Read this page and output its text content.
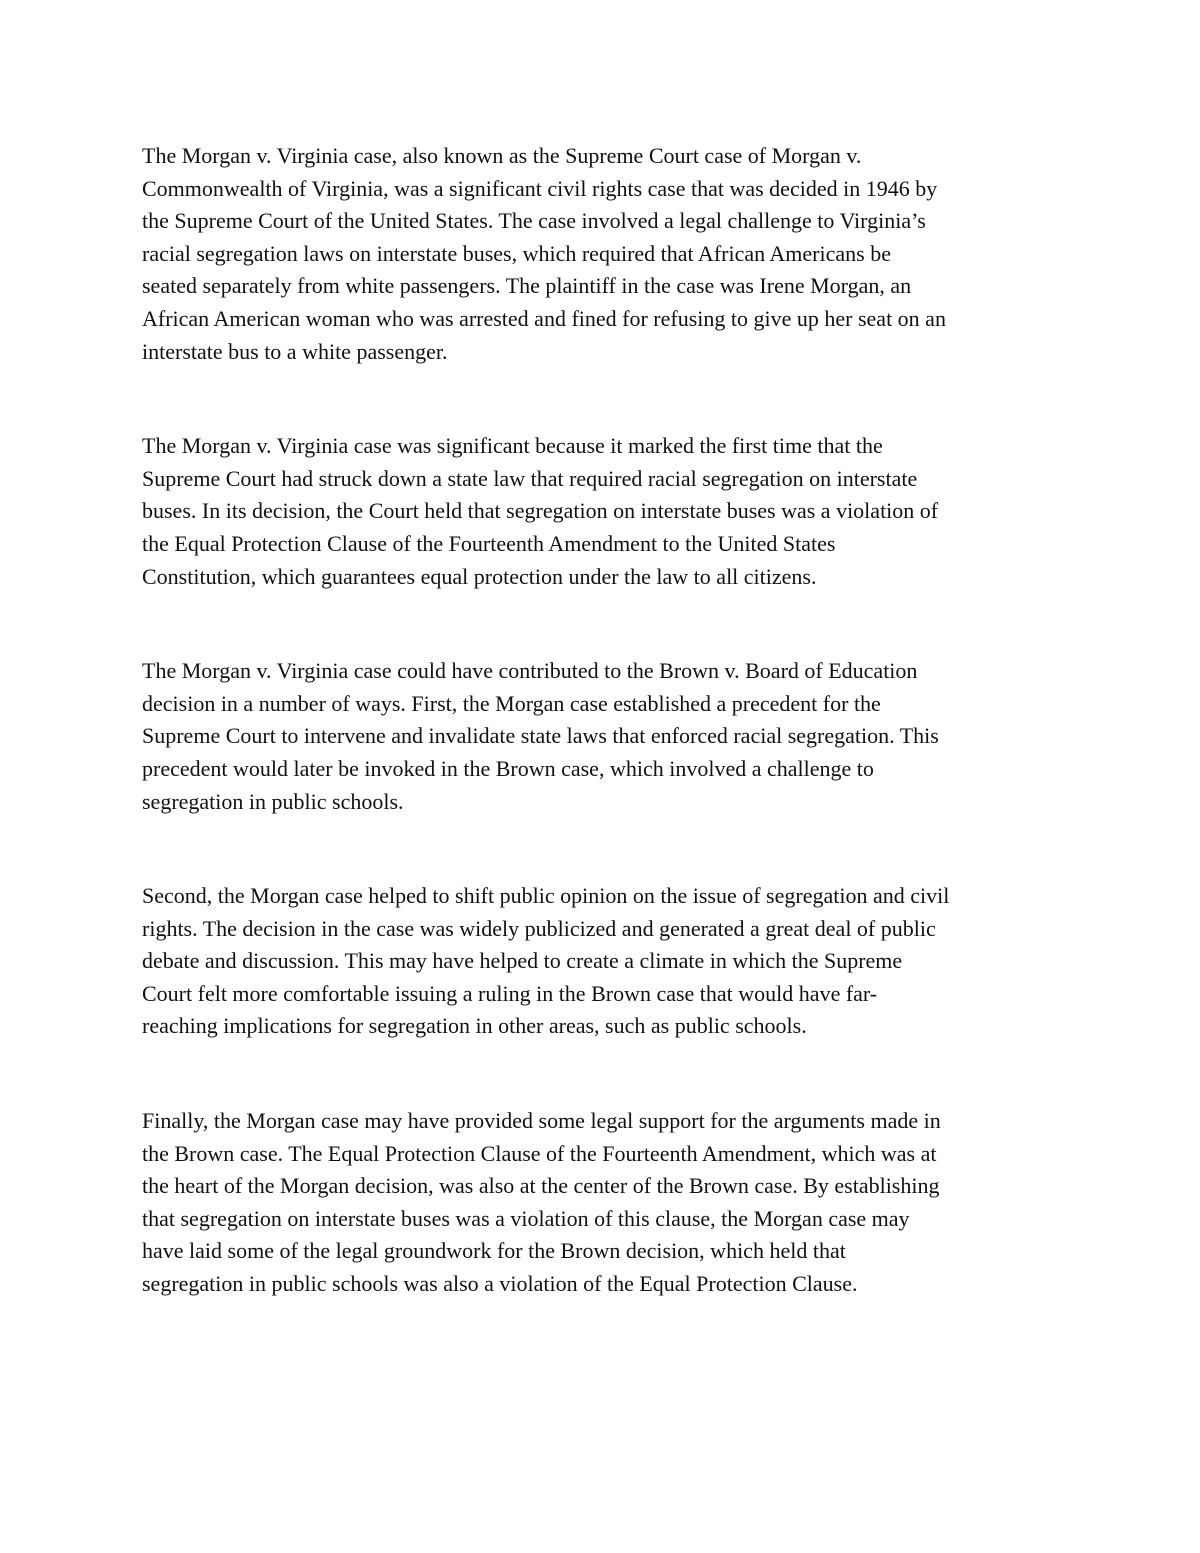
The Morgan v. Virginia case, also known as the Supreme Court case of Morgan v.
Commonwealth of Virginia, was a significant civil rights case that was decided in 1946 by
the Supreme Court of the United States. The case involved a legal challenge to Virginia’s
racial segregation laws on interstate buses, which required that African Americans be
seated separately from white passengers. The plaintiff in the case was Irene Morgan, an
African American woman who was arrested and fined for refusing to give up her seat on an
interstate bus to a white passenger.

The Morgan v. Virginia case was significant because it marked the first time that the
Supreme Court had struck down a state law that required racial segregation on interstate
buses. In its decision, the Court held that segregation on interstate buses was a violation of
the Equal Protection Clause of the Fourteenth Amendment to the United States
Constitution, which guarantees equal protection under the law to all citizens.

The Morgan v. Virginia case could have contributed to the Brown v. Board of Education
decision in a number of ways. First, the Morgan case established a precedent for the
Supreme Court to intervene and invalidate state laws that enforced racial segregation. This
precedent would later be invoked in the Brown case, which involved a challenge to
segregation in public schools.

Second, the Morgan case helped to shift public opinion on the issue of segregation and civil
rights. The decision in the case was widely publicized and generated a great deal of public
debate and discussion. This may have helped to create a climate in which the Supreme
Court felt more comfortable issuing a ruling in the Brown case that would have far-
reaching implications for segregation in other areas, such as public schools.

Finally, the Morgan case may have provided some legal support for the arguments made in
the Brown case. The Equal Protection Clause of the Fourteenth Amendment, which was at
the heart of the Morgan decision, was also at the center of the Brown case. By establishing
that segregation on interstate buses was a violation of this clause, the Morgan case may
have laid some of the legal groundwork for the Brown decision, which held that
segregation in public schools was also a violation of the Equal Protection Clause.
